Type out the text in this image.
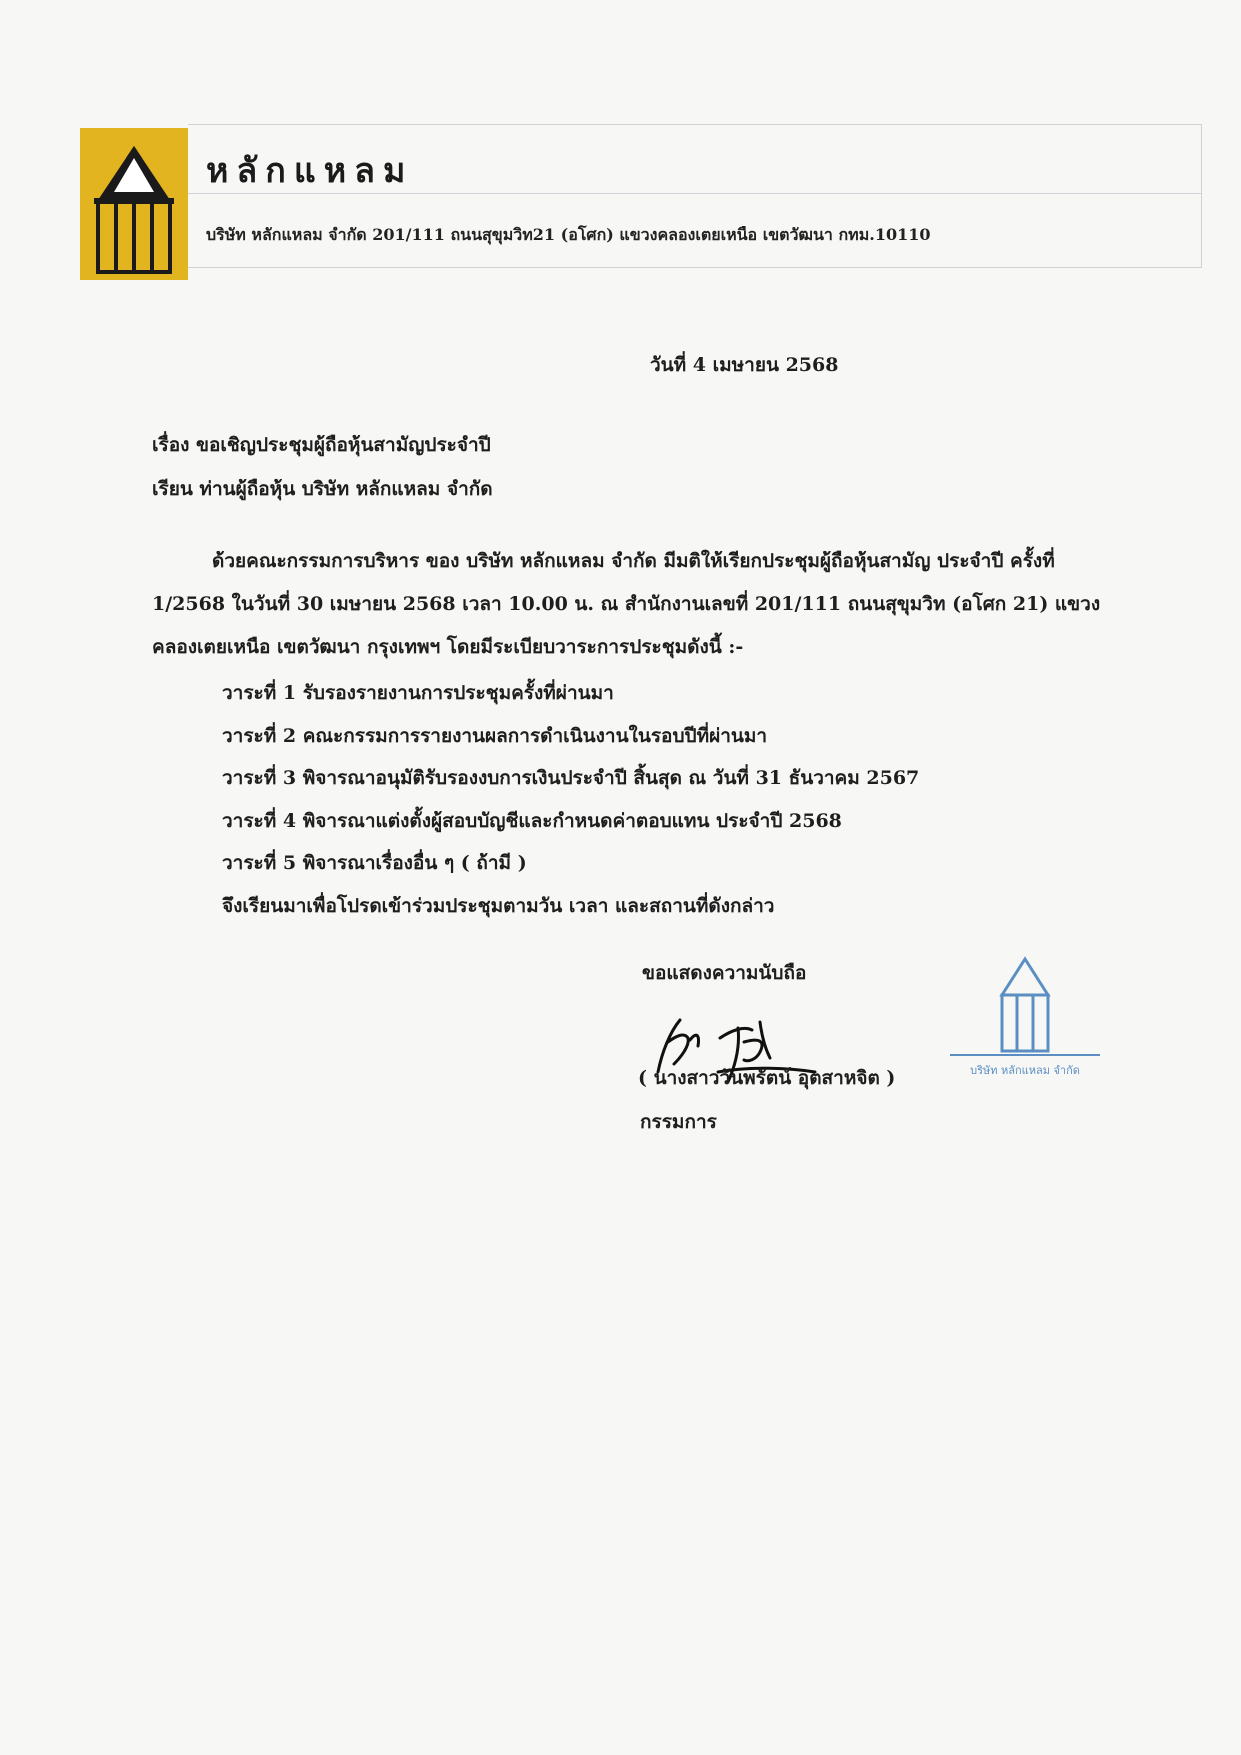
หลักแหลม
บริษัท หลักแหลม จำกัด 201/111 ถนนสุขุมวิท21 (อโศก) แขวงคลองเตยเหนือ เขตวัฒนา กทม.10110
วันที่ 4 เมษายน 2568
เรื่อง ขอเชิญประชุมผู้ถือหุ้นสามัญประจำปี
เรียน ท่านผู้ถือหุ้น บริษัท หลักแหลม จำกัด
ด้วยคณะกรรมการบริหาร ของ บริษัท หลักแหลม จำกัด มีมติให้เรียกประชุมผู้ถือหุ้นสามัญ ประจำปี ครั้งที่ 1/2568 ในวันที่ 30 เมษายน 2568 เวลา 10.00 น. ณ สำนักงานเลขที่ 201/111 ถนนสุขุมวิท (อโศก 21) แขวงคลองเตยเหนือ เขตวัฒนา กรุงเทพฯ โดยมีระเบียบวาระการประชุมดังนี้ :-
วาระที่ 1 รับรองรายงานการประชุมครั้งที่ผ่านมา
วาระที่ 2 คณะกรรมการรายงานผลการดำเนินงานในรอบปีที่ผ่านมา
วาระที่ 3 พิจารณาอนุมัติรับรองงบการเงินประจำปี สิ้นสุด ณ วันที่ 31 ธันวาคม 2567
วาระที่ 4 พิจารณาแต่งตั้งผู้สอบบัญชีและกำหนดค่าตอบแทน ประจำปี 2568
วาระที่ 5 พิจารณาเรื่องอื่น ๆ ( ถ้ามี )
จึงเรียนมาเพื่อโปรดเข้าร่วมประชุมตามวัน เวลา และสถานที่ดังกล่าว
ขอแสดงความนับถือ
( นางสาววันพรัตน์ อุตสาหจิต )
กรรมการ
บริษัท หลักแหลม จำกัด
